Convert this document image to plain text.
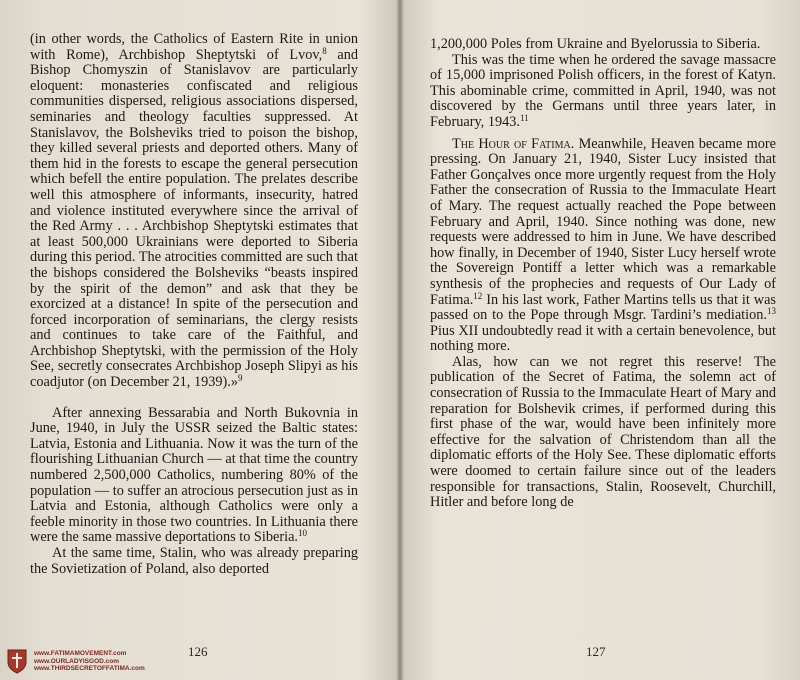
(in other words, the Catholics of Eastern Rite in union with Rome), Archbishop Sheptytski of Lvov,$^8$ and Bishop Chomyszin of Stanislavov are particularly eloquent: monasteries confiscated and religious communities dispersed, religious associations dispersed, seminaries and theology faculties suppressed. At Stanislavov, the Bolsheviks tried to poison the bishop, they killed several priests and deported others. Many of them hid in the forests to escape the general persecution which befell the entire population. The prelates describe well this atmosphere of informants, insecurity, hatred and violence instituted everywhere since the arrival of the Red Army . . . Archbishop Sheptytski estimates that at least 500,000 Ukrainians were deported to Siberia during this period. The atrocities committed are such that the bishops considered the Bolsheviks “beasts inspired by the spirit of the demon” and ask that they be exorcized at a distance! In spite of the persecution and forced incorporation of seminarians, the clergy resists and continues to take care of the Faithful, and Archbishop Sheptytski, with the permission of the Holy See, secretly consecrates Archbishop Joseph Slipyi as his coadjutor (on December 21, 1939).»$^9$

After annexing Bessarabia and North Bukovnia in June, 1940, in July the USSR seized the Baltic states: Latvia, Estonia and Lithuania. Now it was the turn of the flourishing Lithuanian Church — at that time the country numbered 2,500,000 Catholics, numbering 80% of the population — to suffer an atrocious persecution just as in Latvia and Estonia, although Catholics were only a feeble minority in those two countries. In Lithuania there were the same massive deportations to Siberia.$^{10}$

At the same time, Stalin, who was already preparing the Sovietization of Poland, also deported

126
www.FATIMAMOVEMENT.com
www.OURLADYISGOD.com
www.THIRDSECRETOFFATIMA.com

1,200,000 Poles from Ukraine and Byelorussia to Siberia.

This was the time when he ordered the savage massacre of 15,000 imprisoned Polish officers, in the forest of Katyn. This abominable crime, committed in April, 1940, was not discovered by the Germans until three years later, in February, 1943.11

The Hour of Fatima. Meanwhile, Heaven became more pressing. On January 21, 1940, Sister Lucy insisted that Father Gonçalves once more urgently request from the Holy Father the consecration of Russia to the Immaculate Heart of Mary. The request actually reached the Pope between February and April, 1940. Since nothing was done, new requests were addressed to him in June. We have described how finally, in December of 1940, Sister Lucy herself wrote the Sovereign Pontiff a letter which was a remarkable synthesis of the prophecies and requests of Our Lady of Fatima.$^{12}$ In his last work, Father Martins tells us that it was passed on to the Pope through Msgr. Tardini’s mediation.$^{13}$ Pius XII undoubtedly read it with a certain benevolence, but nothing more.

Alas, how can we not regret this reserve! The publication of the Secret of Fatima, the solemn act of consecration of Russia to the Immaculate Heart of Mary and reparation for Bolshevik crimes, if performed during this first phase of the war, would have been infinitely more effective for the salvation of Christendom than all the diplomatic efforts of the Holy See. These diplomatic efforts were doomed to certain failure since out of the leaders responsible for transactions, Stalin, Roosevelt, Churchill, Hitler and before long de

127
